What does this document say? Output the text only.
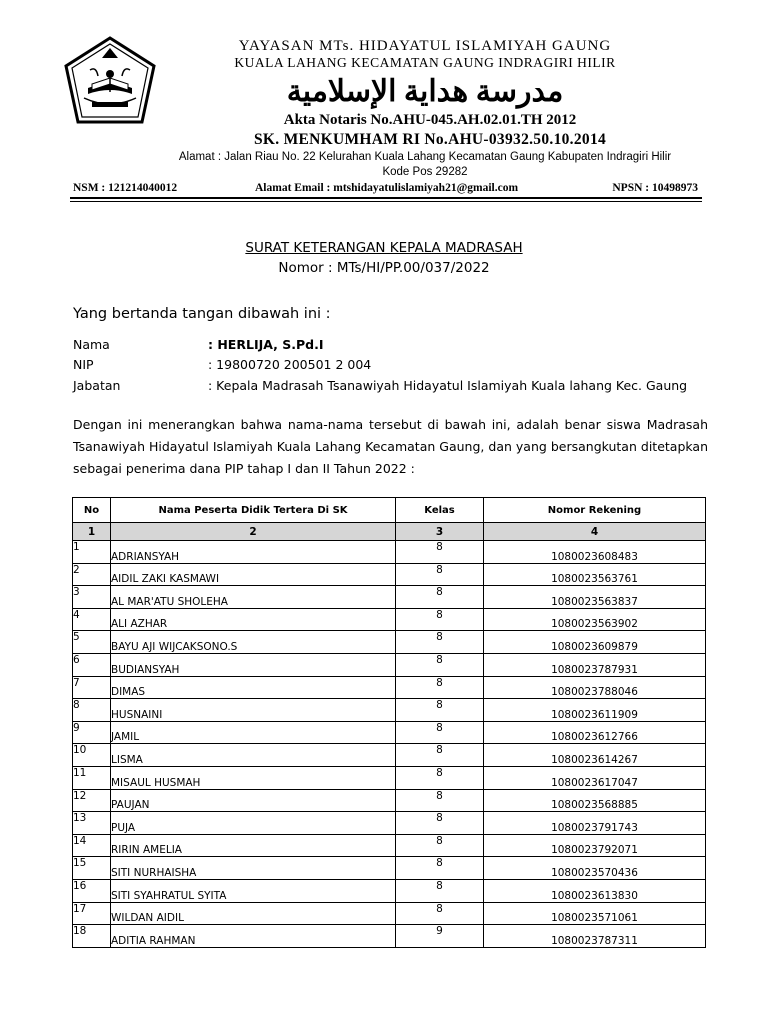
YAYASAN MTs. HIDAYATUL ISLAMIYAH GAUNG
KUALA LAHANG KECAMATAN GAUNG INDRAGIRI HILIR
مدرسة هداية الإسلامية
Akta Notaris No.AHU-045.AH.02.01.TH 2012
SK. MENKUMHAM RI No.AHU-03932.50.10.2014
Alamat : Jalan Riau No. 22 Kelurahan Kuala Lahang Kecamatan Gaung Kabupaten Indragiri Hilir
Kode Pos 29282
NSM : 121214040012	Alamat Email : mtshidayatulislamiyah21@gmail.com	NPSN : 10498973
SURAT KETERANGAN KEPALA MADRASAH
Nomor : MTs/HI/PP.00/037/2022
Yang bertanda tangan dibawah ini :
Nama	: HERLIJA, S.Pd.I
NIP	: 19800720 200501 2 004
Jabatan	: Kepala Madrasah Tsanawiyah Hidayatul Islamiyah Kuala lahang Kec. Gaung
Dengan ini menerangkan bahwa nama-nama tersebut di bawah ini, adalah benar siswa Madrasah Tsanawiyah Hidayatul Islamiyah Kuala Lahang Kecamatan Gaung, dan yang bersangkutan ditetapkan sebagai penerima dana PIP tahap I dan II Tahun 2022 :
No	Nama Peserta Didik Tertera Di SK	Kelas	Nomor Rekening
1	2	3	4
1	ADRIANSYAH	8	1080023608483
2	AIDIL ZAKI KASMAWI	8	1080023563761
3	AL MAR'ATU SHOLEHA	8	1080023563837
4	ALI AZHAR	8	1080023563902
5	BAYU AJI WIJCAKSONO.S	8	1080023609879
6	BUDIANSYAH	8	1080023787931
7	DIMAS	8	1080023788046
8	HUSNAINI	8	1080023611909
9	JAMIL	8	1080023612766
10	LISMA	8	1080023614267
11	MISAUL HUSMAH	8	1080023617047
12	PAUJAN	8	1080023568885
13	PUJA	8	1080023791743
14	RIRIN AMELIA	8	1080023792071
15	SITI NURHAISHA	8	1080023570436
16	SITI SYAHRATUL SYITA	8	1080023613830
17	WILDAN AIDIL	8	1080023571061
18	ADITIA RAHMAN	9	1080023787311
